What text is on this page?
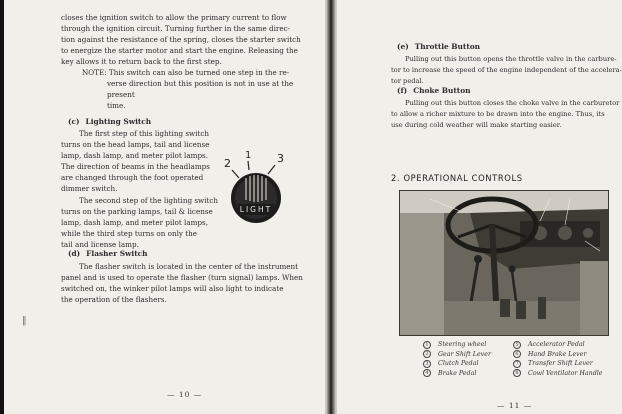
closes the ignition switch to allow the primary current to flow
through the ignition circuit. Turning further in the same direc-
tion against the resistance of the spring, closes the starter switch
to energize the starter motor and start the engine. Releasing the
key allows it to return back to the first step.
NOTE: This switch can also be turned one step in the re-
verse direction but this position is not in use at the present
time.
(c) Lighting Switch
The first step of this lighting switch
turns on the head lamps, tail and license
lamp, dash lamp, and meter pilot lamps.
The direction of beams in the headlamps
are changed through the foot operated
dimmer switch.
The second step of the lighting switch
turns on the parking lamps, tail & license
lamp, dash lamp, and meter pilot lamps,
while the third step turns on only the
tail and license lamp.
2
1 3
LIGHT
(d) Flasher Switch
The flasher switch is located in the center of the instrument
panel and is used to operate the flasher (turn signal) lamps. When
switched on, the winker pilot lamps will also light to indicate
the operation of the flashers.
‖
— 10 —
(e) Throttle Button
Pulling out this button opens the throttle valve in the carbure-
tor to increase the speed of the engine independent of the accelera-
tor pedal.
(f) Choke Button
Pulling out this button closes the choke valve in the carburetor
to allow a richer mixture to be drawn into the engine. Thus, its
use during cold weather will make starting easier.
2. OPERATIONAL CONTROLS
1 Steering wheel
2 Gear Shift Lever
3 Clutch Pedal
4 Brake Pedal
5 Accelerator Pedal
6 Hand Brake Lever
7 Transfer Shift Lever
8 Cowl Ventilator Handle
— 11 —
